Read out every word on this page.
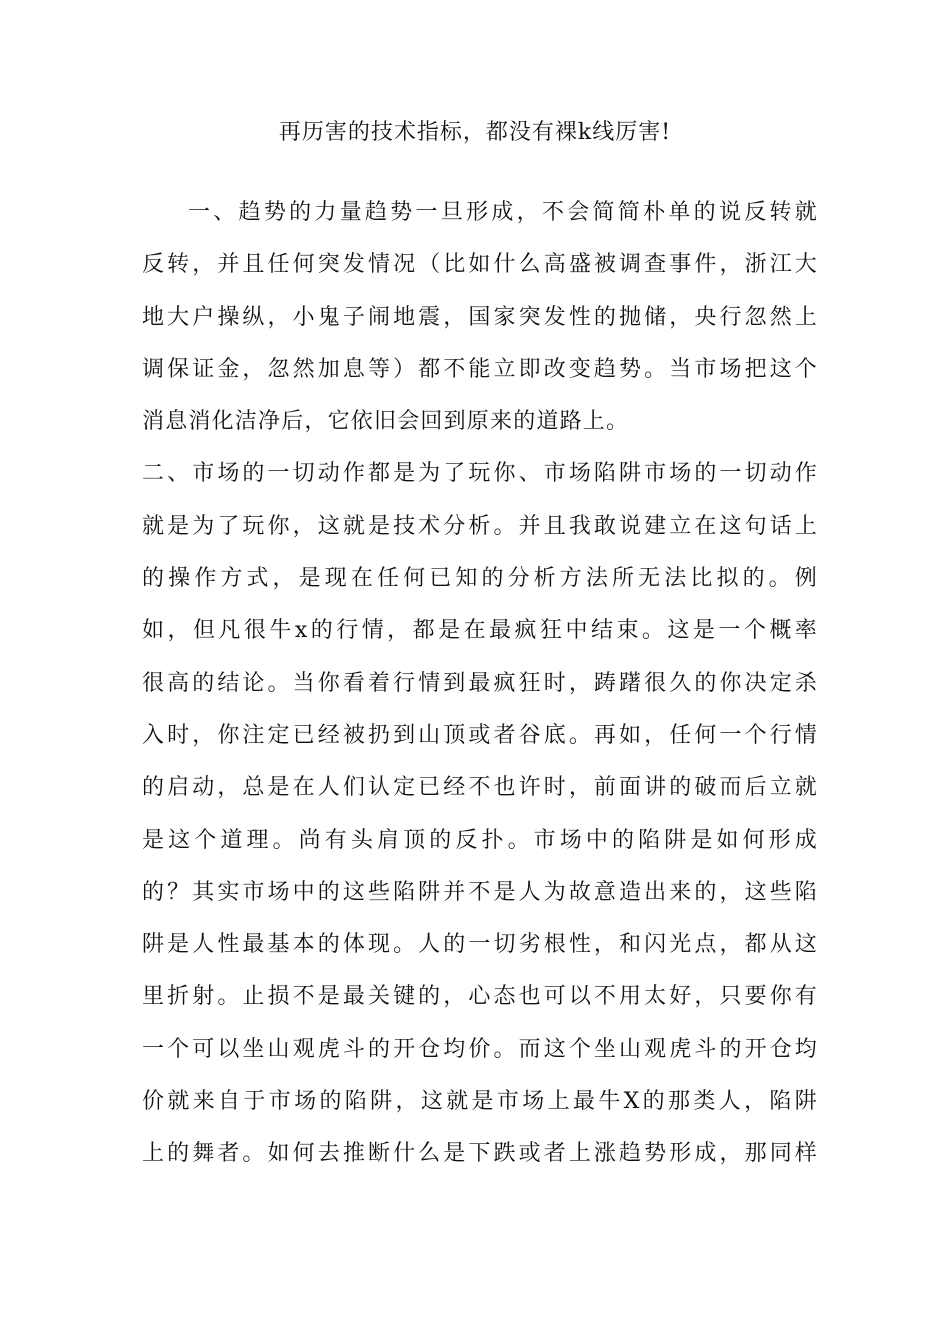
再历害的技术指标，都没有裸k线厉害!
一、趋势的力量趋势一旦形成，不会简简朴单的说反转就
反转，并且任何突发情况（比如什么高盛被调查事件，浙江大
地大户操纵，小鬼子闹地震，国家突发性的抛储，央行忽然上
调保证金，忽然加息等）都不能立即改变趋势。当市场把这个
消息消化洁净后，它依旧会回到原来的道路上。
二、市场的一切动作都是为了玩你、市场陷阱市场的一切动作
就是为了玩你，这就是技术分析。并且我敢说建立在这句话上
的操作方式，是现在任何已知的分析方法所无法比拟的。例
如，但凡很牛x的行情，都是在最疯狂中结束。这是一个概率
很高的结论。当你看着行情到最疯狂时，踌躇很久的你决定杀
入时，你注定已经被扔到山顶或者谷底。再如，任何一个行情
的启动，总是在人们认定已经不也许时，前面讲的破而后立就
是这个道理。尚有头肩顶的反扑。市场中的陷阱是如何形成
的？其实市场中的这些陷阱并不是人为故意造出来的，这些陷
阱是人性最基本的体现。人的一切劣根性，和闪光点，都从这
里折射。止损不是最关键的，心态也可以不用太好，只要你有
一个可以坐山观虎斗的开仓均价。而这个坐山观虎斗的开仓均
价就来自于市场的陷阱，这就是市场上最牛X的那类人，陷阱
上的舞者。如何去推断什么是下跌或者上涨趋势形成，那同样
